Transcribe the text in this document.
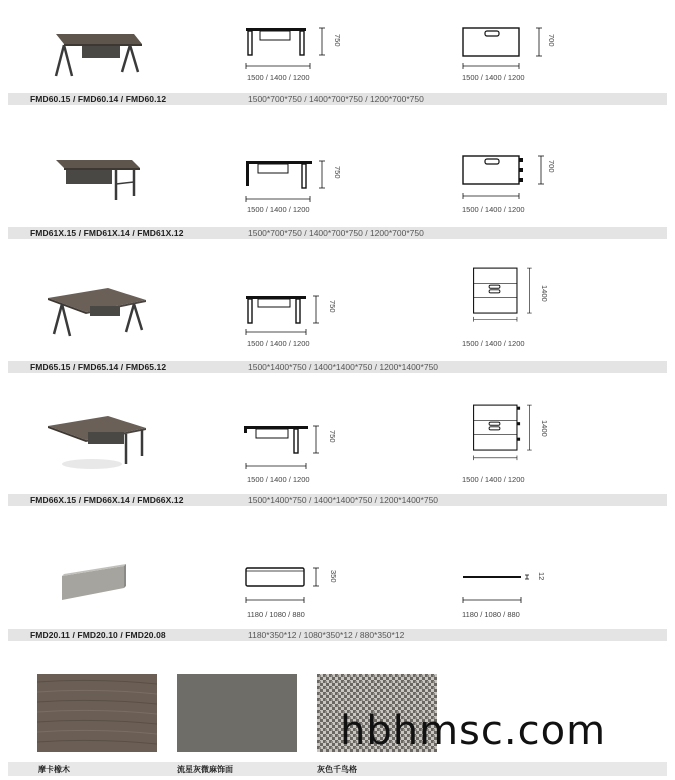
1500 / 1400 / 1200
750
1500 / 1400 / 1200
700
FMD60.15 / FMD60.14 / FMD60.12	1500*700*750 / 1400*700*750 / 1200*700*750
1500 / 1400 / 1200
750
1500 / 1400 / 1200
700
FMD61X.15 / FMD61X.14 / FMD61X.12	1500*700*750 / 1400*700*750 / 1200*700*750
1500 / 1400 / 1200
750
1500 / 1400 / 1200
1400
FMD65.15 / FMD65.14 / FMD65.12	1500*1400*750 / 1400*1400*750 / 1200*1400*750
1500 / 1400 / 1200
750
1500 / 1400 / 1200
1400
FMD66X.15 / FMD66X.14 / FMD66X.12	1500*1400*750 / 1400*1400*750 / 1200*1400*750
1180 / 1080 / 880
350
1180 / 1080 / 880
12
FMD20.11 / FMD20.10 / FMD20.08	1180*350*12 / 1080*350*12 / 880*350*12
摩卡橡木	流星灰微麻饰面	灰色千鸟格
hbhmsc.com
